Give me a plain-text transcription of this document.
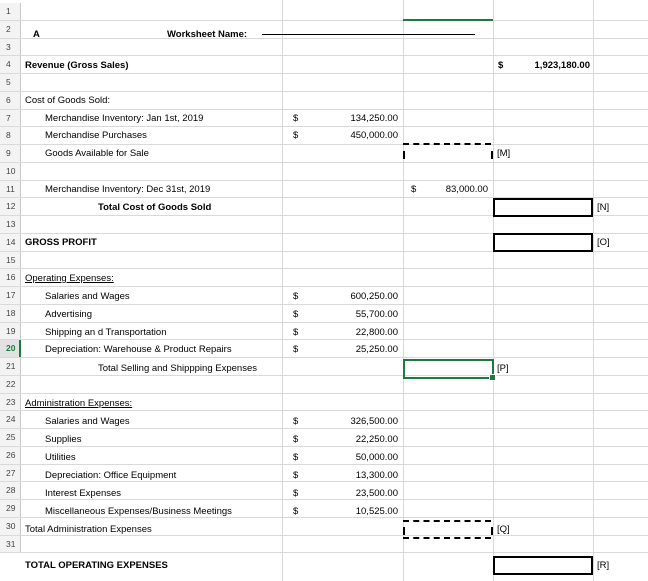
1
2
3
4
5
6
7
8
9
10
11
12
13
14
15
16
17
18
19
20
21
22
23
24
25
26
27
28
29
30
31
A	Worksheet Name:
Revenue (Gross Sales)	$	1,923,180.00
Cost of Goods Sold:
Merchandise Inventory: Jan 1st, 2019	$	134,250.00
Merchandise Purchases	$	450,000.00
Goods Available for Sale	[M]
Merchandise Inventory: Dec 31st, 2019	$	83,000.00
Total Cost of Goods Sold	[N]
GROSS PROFIT	[O]
Operating Expenses:
Salaries and Wages	$	600,250.00
Advertising	$	55,700.00
Shipping an d Transportation	$	22,800.00
Depreciation: Warehouse & Product Repairs	$	25,250.00
Total Selling and Shippping Expenses	[P]
Administration Expenses:
Salaries and Wages	$	326,500.00
Supplies	$	22,250.00
Utilities	$	50,000.00
Depreciation: Office Equipment	$	13,300.00
Interest Expenses	$	23,500.00
Miscellaneous Expenses/Business Meetings	$	10,525.00
Total Administration Expenses	[Q]
TOTAL OPERATING EXPENSES	[R]
